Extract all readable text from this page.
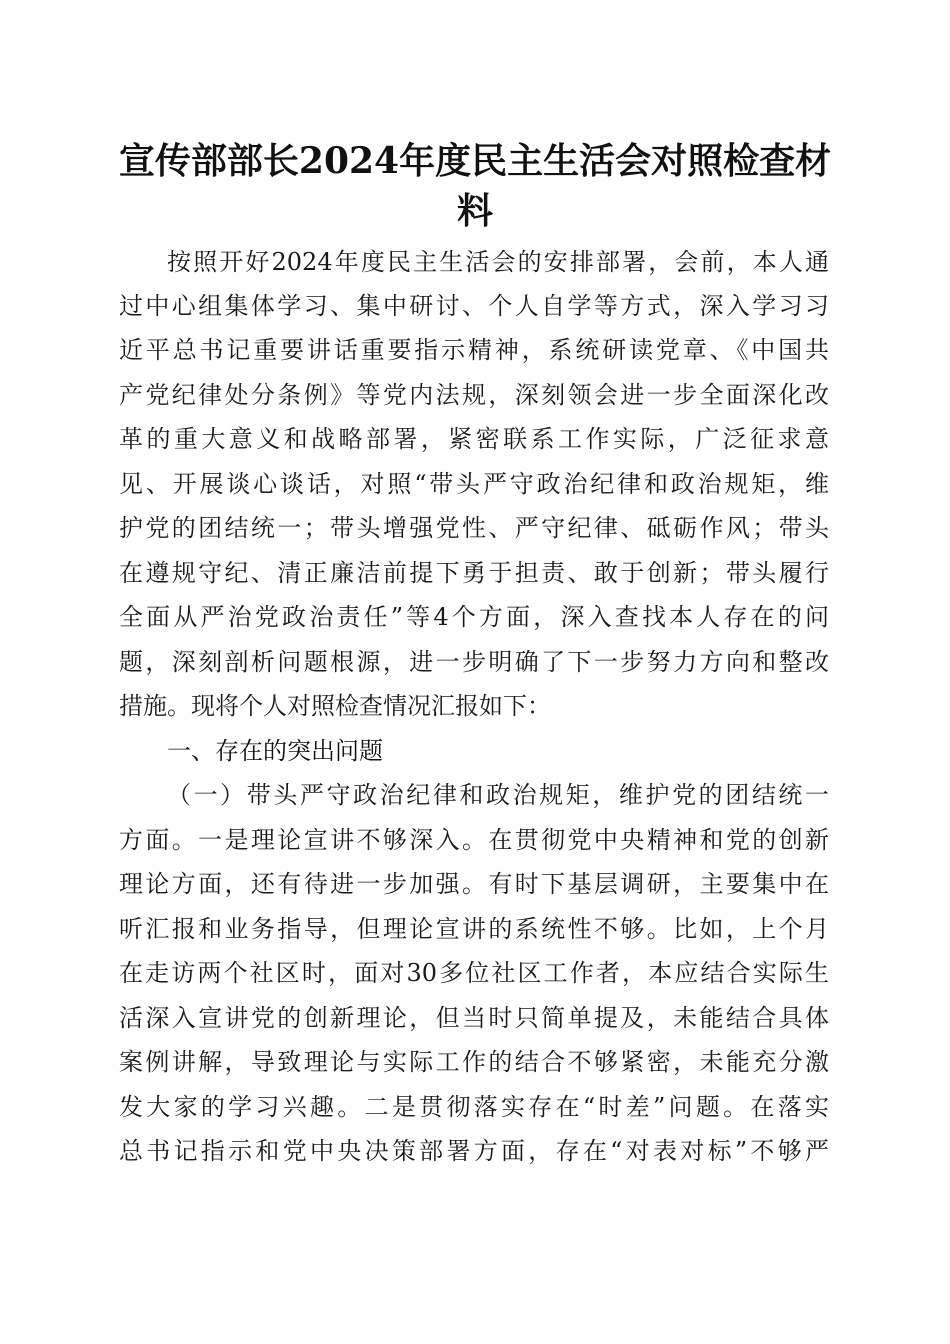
宣传部部长2024年度民主生活会对照检查材料
按照开好2024年度民主生活会的安排部署，会前，本人通
过中心组集体学习、集中研讨、个人自学等方式，深入学习习
近平总书记重要讲话重要指示精神，系统研读党章、《中国共
产党纪律处分条例》等党内法规，深刻领会进一步全面深化改
革的重大意义和战略部署，紧密联系工作实际，广泛征求意
见、开展谈心谈话，对照“带头严守政治纪律和政治规矩，维
护党的团结统一；带头增强党性、严守纪律、砥砺作风；带头
在遵规守纪、清正廉洁前提下勇于担责、敢于创新；带头履行
全面从严治党政治责任”等4个方面，深入查找本人存在的问
题，深刻剖析问题根源，进一步明确了下一步努力方向和整改
措施。现将个人对照检查情况汇报如下：
一、存在的突出问题
（一）带头严守政治纪律和政治规矩，维护党的团结统一
方面。一是理论宣讲不够深入。在贯彻党中央精神和党的创新
理论方面，还有待进一步加强。有时下基层调研，主要集中在
听汇报和业务指导，但理论宣讲的系统性不够。比如，上个月
在走访两个社区时，面对30多位社区工作者，本应结合实际生
活深入宣讲党的创新理论，但当时只简单提及，未能结合具体
案例讲解，导致理论与实际工作的结合不够紧密，未能充分激
发大家的学习兴趣。二是贯彻落实存在“时差”问题。在落实
总书记指示和党中央决策部署方面，存在“对表对标”不够严
